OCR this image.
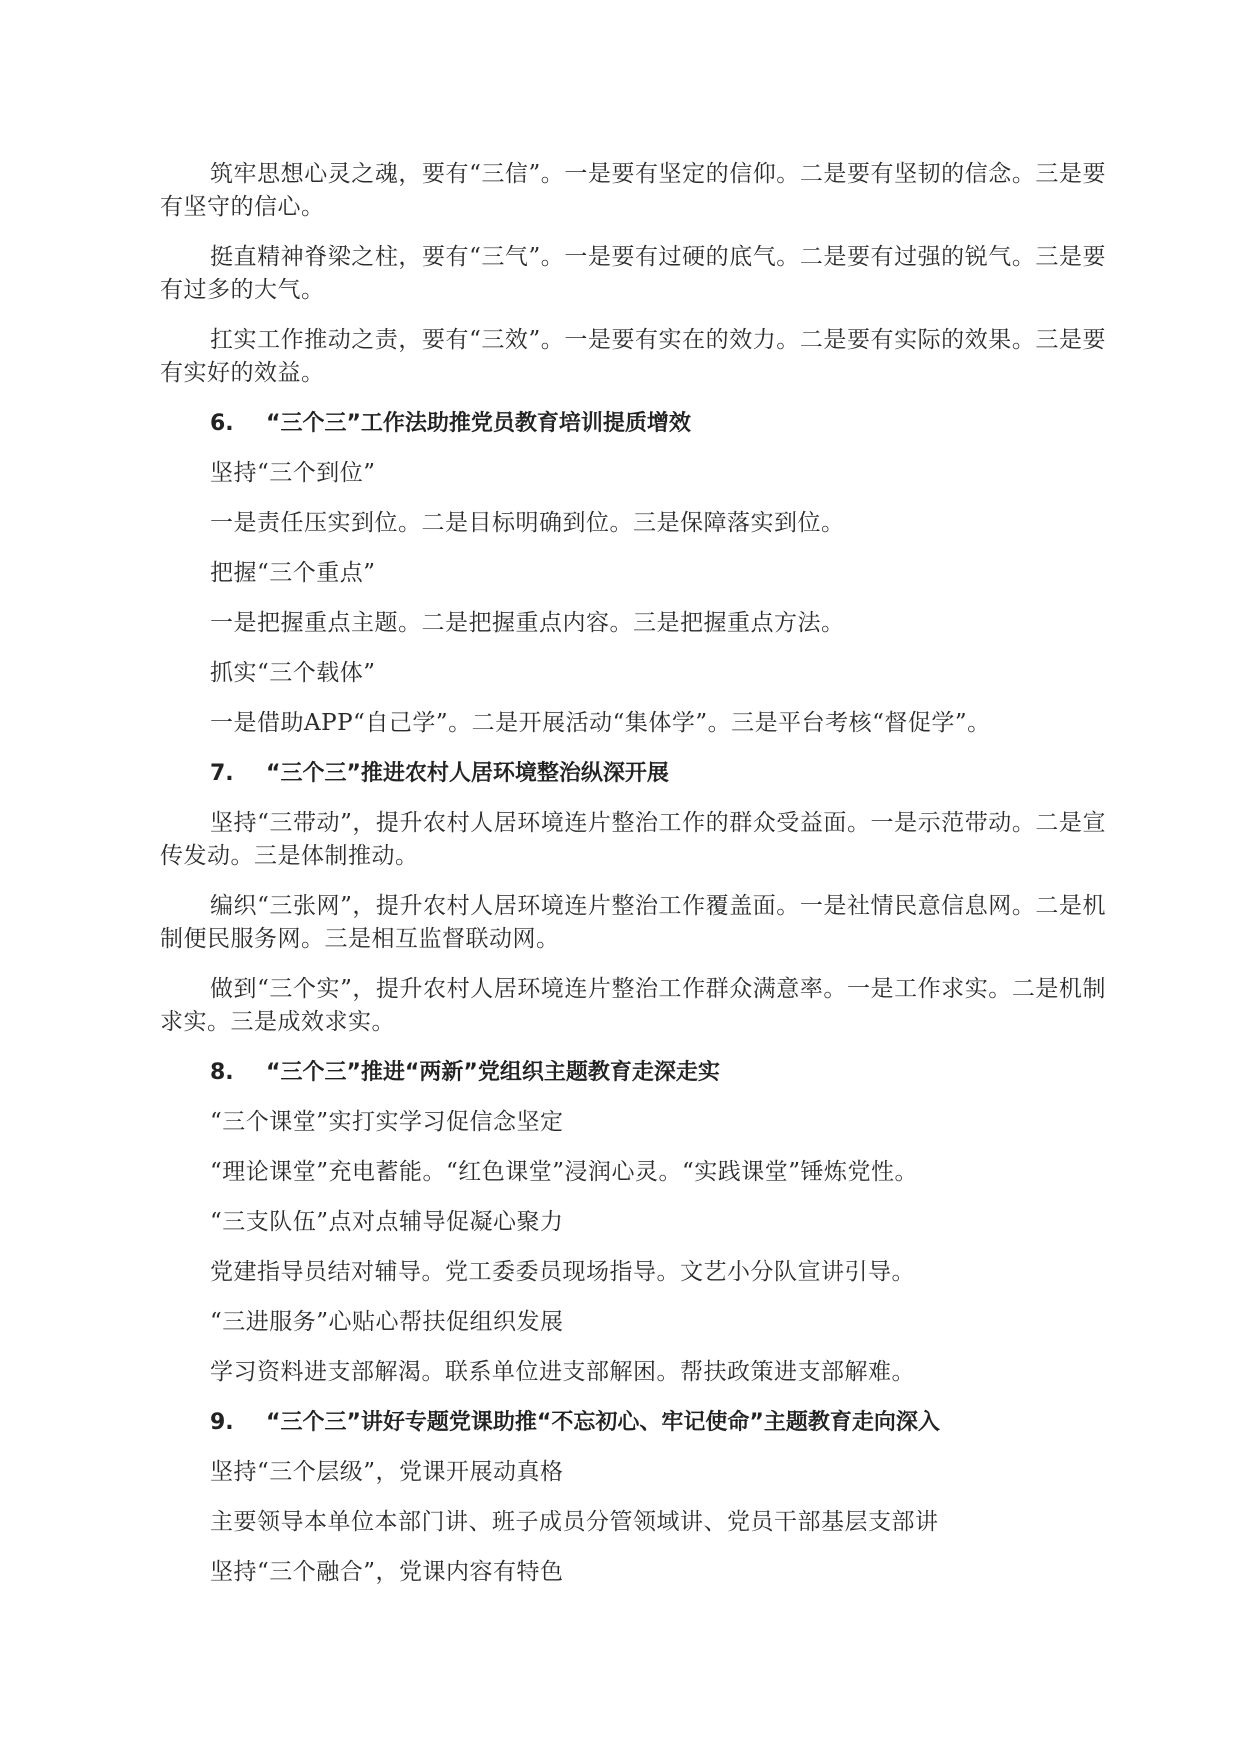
筑牢思想心灵之魂，要有“三信”。一是要有坚定的信仰。二是要有坚韧的信念。三是要有坚守的信心。

挺直精神脊梁之柱，要有“三气”。一是要有过硬的底气。二是要有过强的锐气。三是要有过多的大气。

扛实工作推动之责，要有“三效”。一是要有实在的效力。二是要有实际的效果。三是要有实好的效益。

6. “三个三”工作法助推党员教育培训提质增效
坚持“三个到位”
一是责任压实到位。二是目标明确到位。三是保障落实到位。
把握“三个重点”
一是把握重点主题。二是把握重点内容。三是把握重点方法。
抓实“三个载体”
一是借助APP“自己学”。二是开展活动“集体学”。三是平台考核“督促学”。
7. “三个三”推进农村人居环境整治纵深开展

坚持“三带动”，提升农村人居环境连片整治工作的群众受益面。一是示范带动。二是宣传发动。三是体制推动。

编织“三张网”，提升农村人居环境连片整治工作覆盖面。一是社情民意信息网。二是机制便民服务网。三是相互监督联动网。

做到“三个实”，提升农村人居环境连片整治工作群众满意率。一是工作求实。二是机制求实。三是成效求实。

8. “三个三”推进“两新”党组织主题教育走深走实
“三个课堂”实打实学习促信念坚定
“理论课堂”充电蓄能。“红色课堂”浸润心灵。“实践课堂”锤炼党性。
“三支队伍”点对点辅导促凝心聚力
党建指导员结对辅导。党工委委员现场指导。文艺小分队宣讲引导。
“三进服务”心贴心帮扶促组织发展
学习资料进支部解渴。联系单位进支部解困。帮扶政策进支部解难。
9. “三个三”讲好专题党课助推“不忘初心、牢记使命”主题教育走向深入
坚持“三个层级”，党课开展动真格
主要领导本单位本部门讲、班子成员分管领域讲、党员干部基层支部讲
坚持“三个融合”，党课内容有特色
